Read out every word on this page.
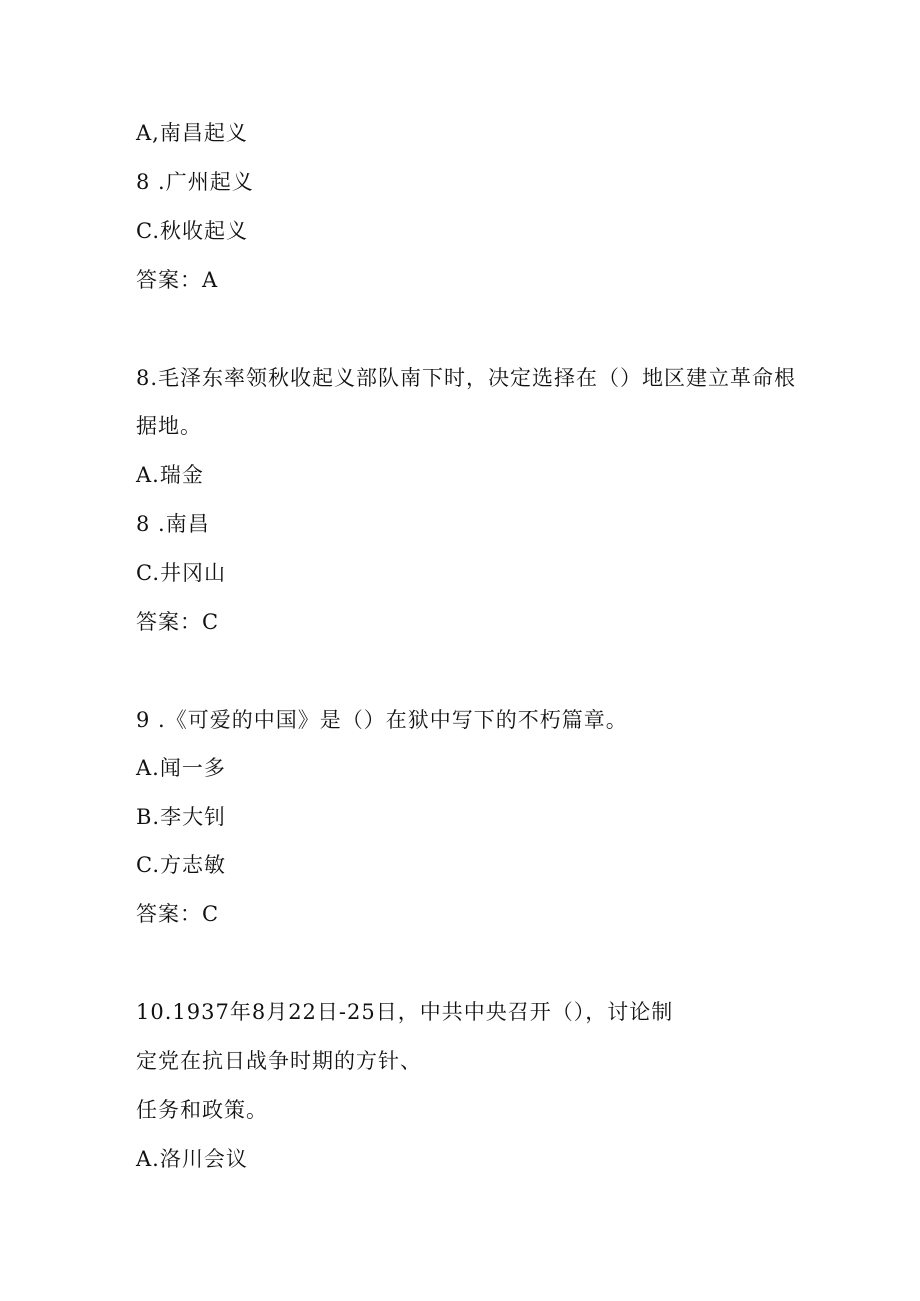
A,南昌起义

8 .广州起义

C.秋收起义

答案：A

8.毛泽东率领秋收起义部队南下时，决定选择在（）地区建立革命根

据地。

A.瑞金

8 .南昌

C.井冈山

答案：C

9 .《可爱的中国》是（）在狱中写下的不朽篇章。

A.闻一多

B.李大钊

C.方志敏

答案：C

10.1937年8月22日-25日，中共中央召开（），讨论制

定党在抗日战争时期的方针、

任务和政策。

A.洛川会议
